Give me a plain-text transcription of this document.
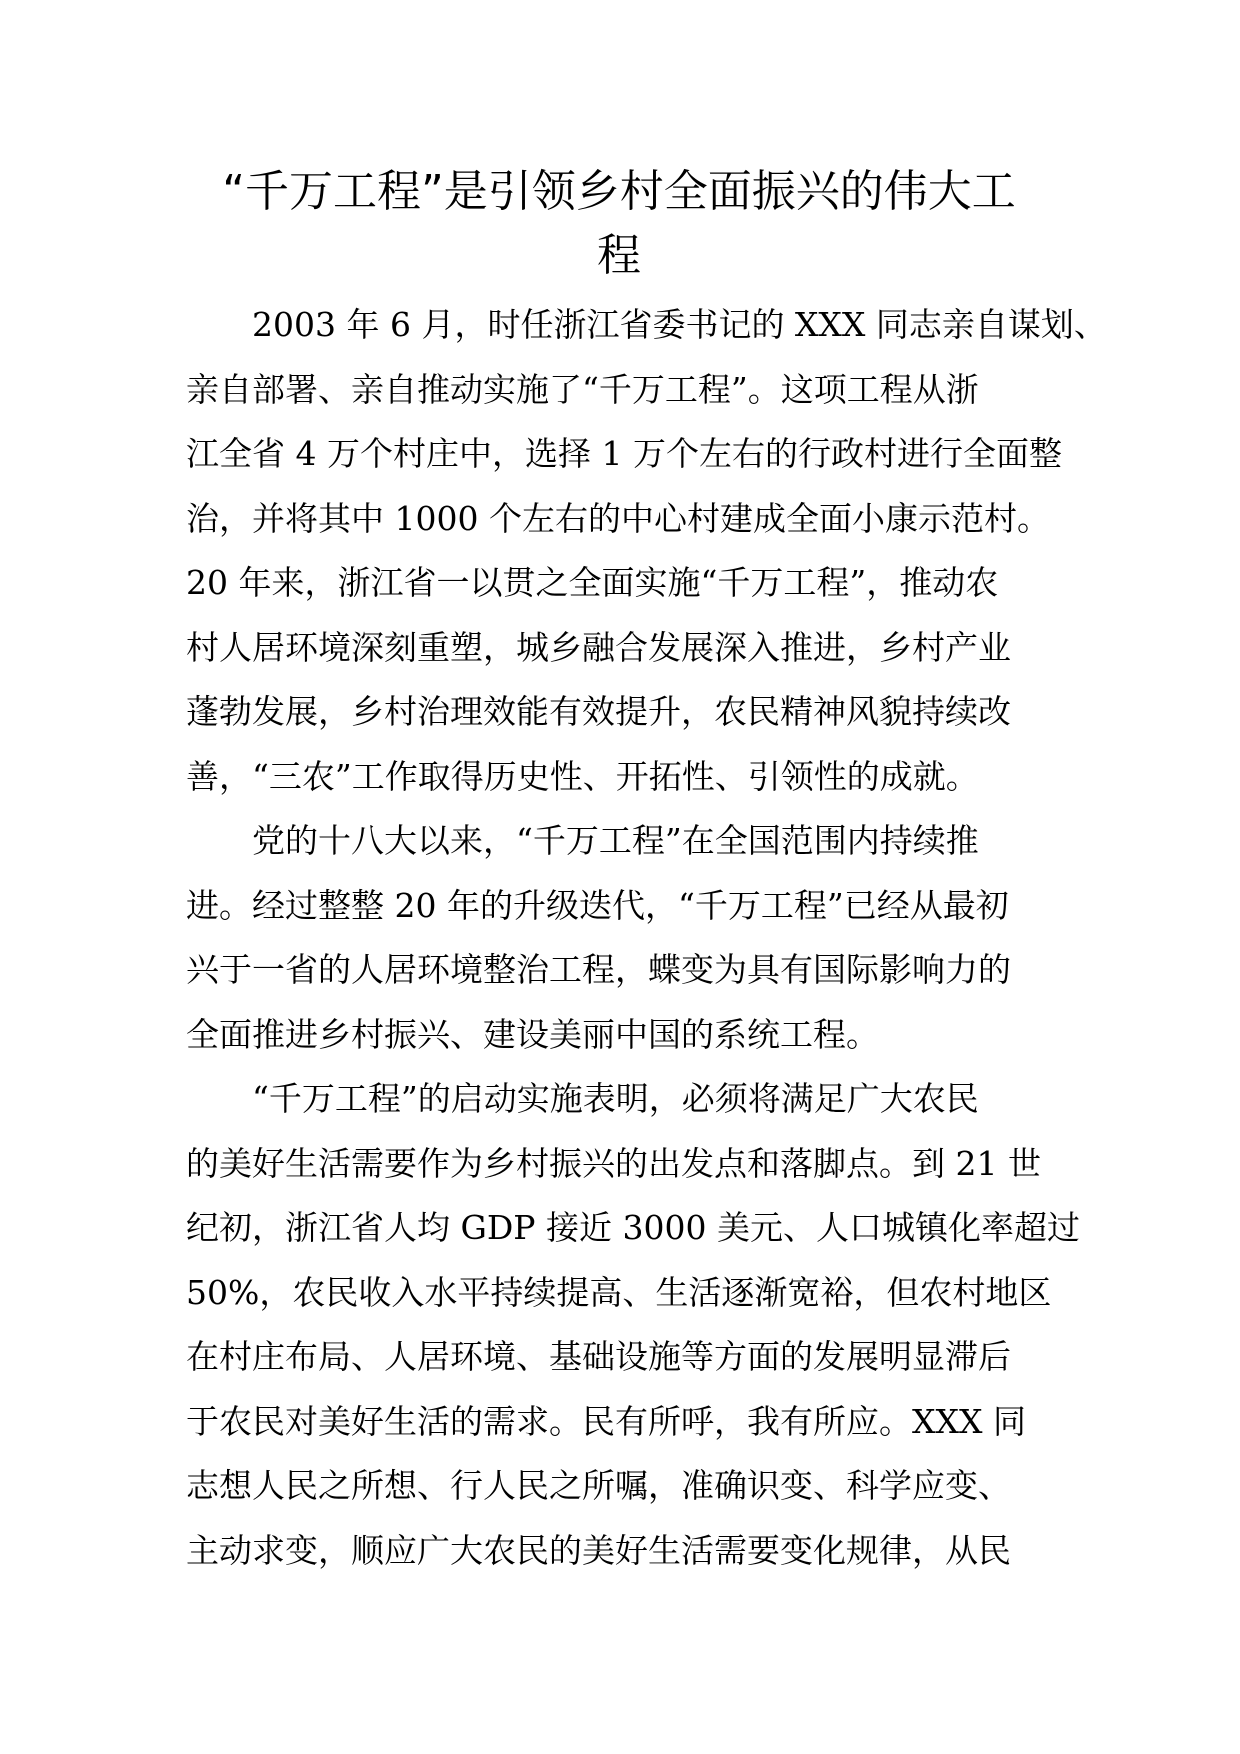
“千万工程”是引领乡村全面振兴的伟大工
程
2003 年 6 月，时任浙江省委书记的 XXX 同志亲自谋划、
亲自部署、亲自推动实施了“千万工程”。这项工程从浙
江全省 4 万个村庄中，选择 1 万个左右的行政村进行全面整
治，并将其中 1000 个左右的中心村建成全面小康示范村。
20 年来，浙江省一以贯之全面实施“千万工程”，推动农
村人居环境深刻重塑，城乡融合发展深入推进，乡村产业
蓬勃发展，乡村治理效能有效提升，农民精神风貌持续改
善，“三农”工作取得历史性、开拓性、引领性的成就。
党的十八大以来，“千万工程”在全国范围内持续推
进。经过整整 20 年的升级迭代，“千万工程”已经从最初
兴于一省的人居环境整治工程，蝶变为具有国际影响力的
全面推进乡村振兴、建设美丽中国的系统工程。
“千万工程”的启动实施表明，必须将满足广大农民
的美好生活需要作为乡村振兴的出发点和落脚点。到 21 世
纪初，浙江省人均 GDP 接近 3000 美元、人口城镇化率超过
50%，农民收入水平持续提高、生活逐渐宽裕，但农村地区
在村庄布局、人居环境、基础设施等方面的发展明显滞后
于农民对美好生活的需求。民有所呼，我有所应。XXX 同
志想人民之所想、行人民之所嘱，准确识变、科学应变、
主动求变，顺应广大农民的美好生活需要变化规律，从民
